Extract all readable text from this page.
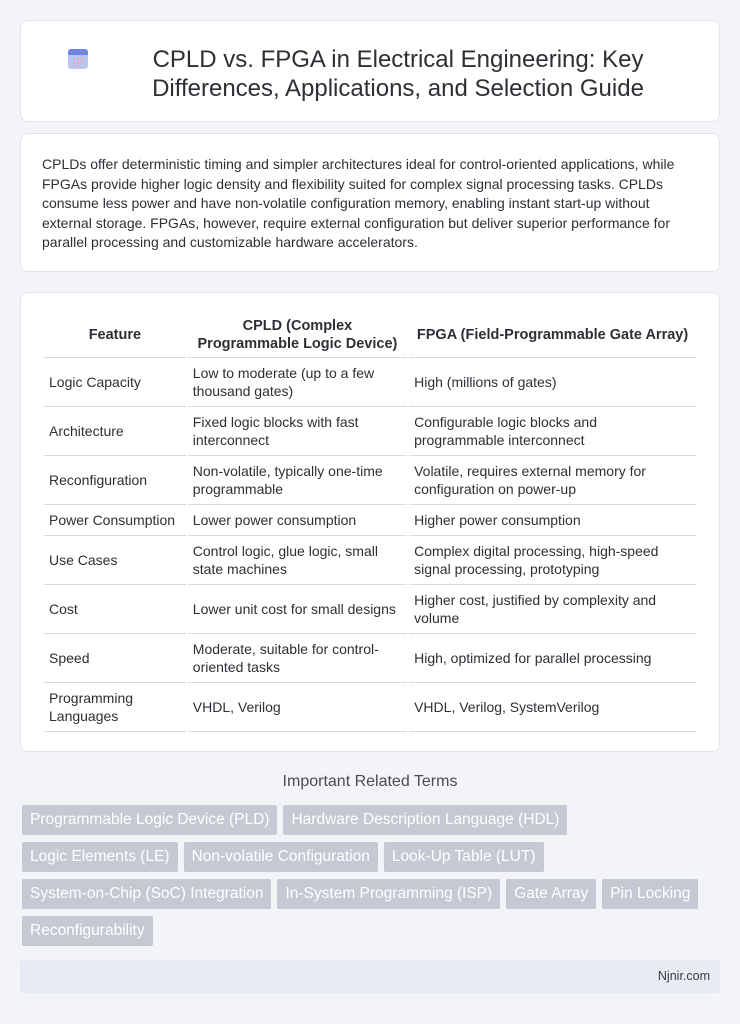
CPLD vs. FPGA in Electrical Engineering: Key Differences, Applications, and Selection Guide

CPLDs offer deterministic timing and simpler architectures ideal for control-oriented applications, while FPGAs provide higher logic density and flexibility suited for complex signal processing tasks. CPLDs consume less power and have non-volatile configuration memory, enabling instant start-up without external storage. FPGAs, however, require external configuration but deliver superior performance for parallel processing and customizable hardware accelerators.

Feature	CPLD (Complex Programmable Logic Device)	FPGA (Field-Programmable Gate Array)
Logic Capacity	Low to moderate (up to a few thousand gates)	High (millions of gates)
Architecture	Fixed logic blocks with fast interconnect	Configurable logic blocks and programmable interconnect
Reconfiguration	Non-volatile, typically one-time programmable	Volatile, requires external memory for configuration on power-up
Power Consumption	Lower power consumption	Higher power consumption
Use Cases	Control logic, glue logic, small state machines	Complex digital processing, high-speed signal processing, prototyping
Cost	Lower unit cost for small designs	Higher cost, justified by complexity and volume
Speed	Moderate, suitable for control-oriented tasks	High, optimized for parallel processing
Programming Languages	VHDL, Verilog	VHDL, Verilog, SystemVerilog
Important Related Terms
Programmable Logic Device (PLD)	Hardware Description Language (HDL)
Logic Elements (LE)	Non-volatile Configuration	Look-Up Table (LUT)
System-on-Chip (SoC) Integration	In-System Programming (ISP)	Gate Array	Pin Locking
Reconfigurability
Njnir.com
